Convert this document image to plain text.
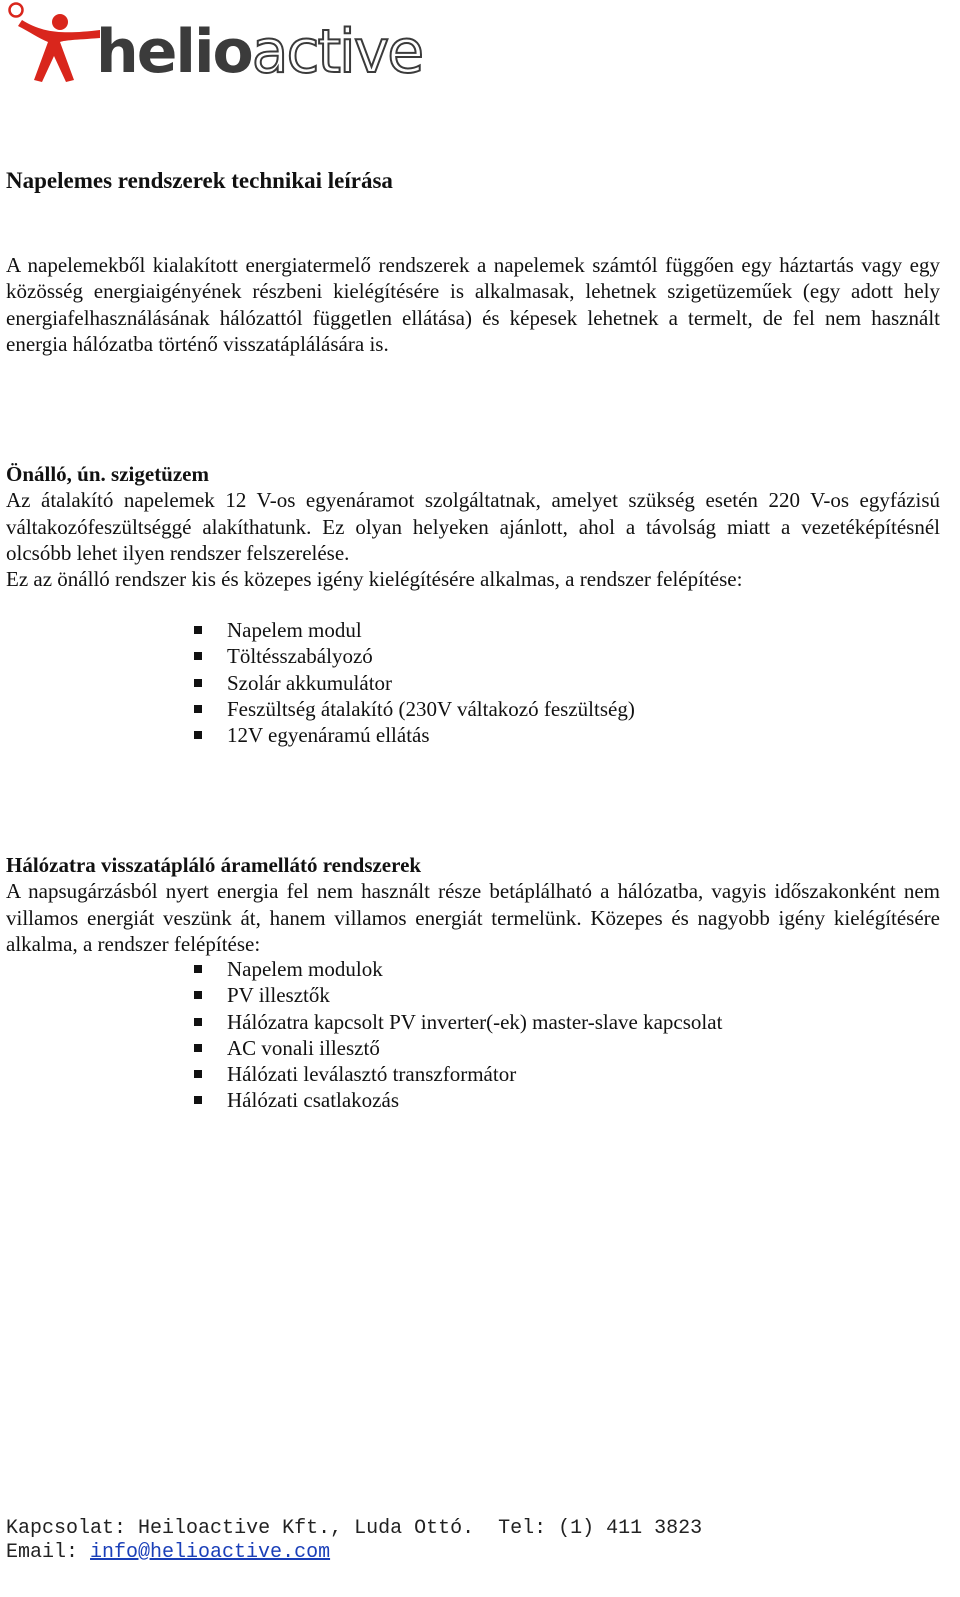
helioactive
Napelemes rendszerek technikai leírása

A napelemekből kialakított energiatermelő rendszerek a napelemek számtól függően egy háztartás vagy egy közösség energiaigényének részbeni kielégítésére is alkalmasak, lehetnek szigetüzeműek (egy adott hely energiafelhasználásának hálózattól független ellátása) és képesek lehetnek a termelt, de fel nem használt energia hálózatba történő visszatáplálására is.

Önálló, ún. szigetüzem
Az átalakító napelemek 12 V-os egyenáramot szolgáltatnak, amelyet szükség esetén 220 V-os egyfázisú váltakozófeszültséggé alakíthatunk. Ez olyan helyeken ajánlott, ahol a távolság miatt a vezetéképítésnél olcsóbb lehet ilyen rendszer felszerelése.

Ez az önálló rendszer kis és közepes igény kielégítésére alkalmas, a rendszer felépítése:

Napelem modul
Töltésszabályozó
Szolár akkumulátor
Feszültség átalakító (230V váltakozó feszültség)
12V egyenáramú ellátás

Hálózatra visszatápláló áramellátó rendszerek
A napsugárzásból nyert energia fel nem használt része betáplálható a hálózatba, vagyis időszakonként nem villamos energiát veszünk át, hanem villamos energiát termelünk. Közepes és nagyobb igény kielégítésére alkalma, a rendszer felépítése:

Napelem modulok
PV illesztők
Hálózatra kapcsolt PV inverter(-ek) master-slave kapcsolat
AC vonali illesztő
Hálózati leválasztó transzformátor
Hálózati csatlakozás
Kapcsolat: Heiloactive Kft., Luda Ottó. Tel: (1) 411 3823
Email: info@helioactive.com
